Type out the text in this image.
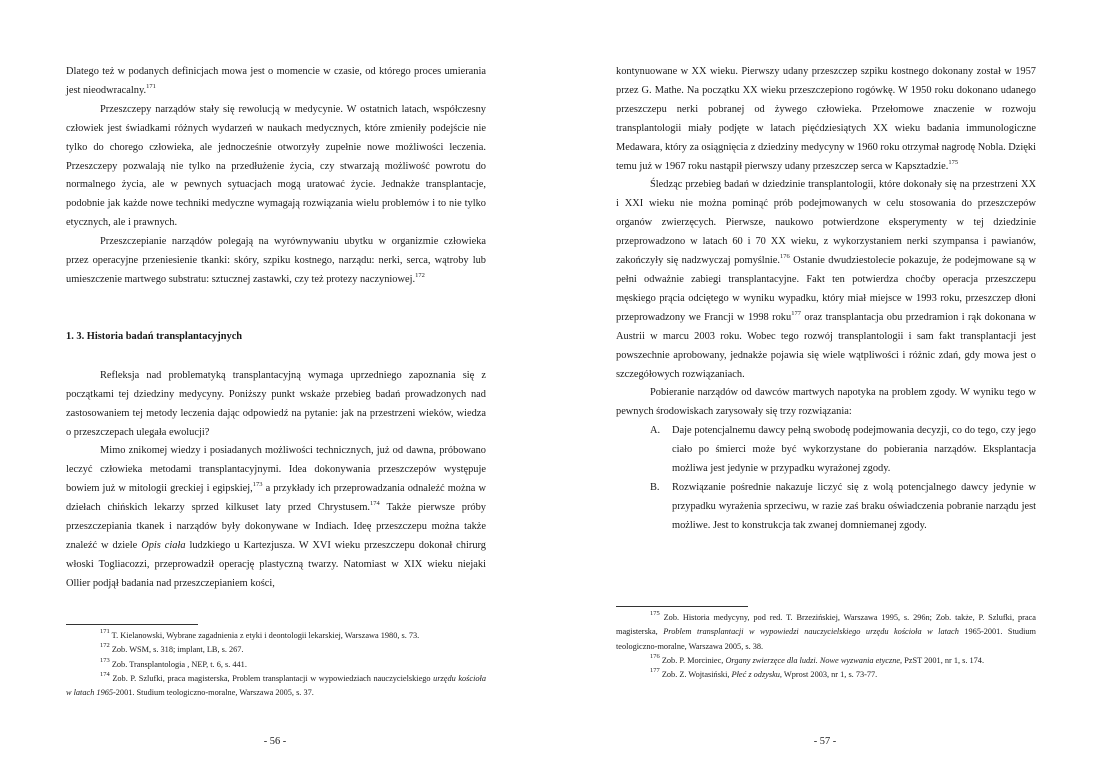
Dlatego też w podanych definicjach mowa jest o momencie w czasie, od którego proces umierania jest nieodwracalny.$^{171}$

Przeszczepy narządów stały się rewolucją w medycynie. W ostatnich latach, współczesny człowiek jest świadkami różnych wydarzeń w naukach medycznych, które zmieniły podejście nie tylko do chorego człowieka, ale jednocześnie otworzyły zupełnie nowe możliwości leczenia. Przeszczepy pozwalają nie tylko na przedłużenie życia, czy stwarzają możliwość powrotu do normalnego życia, ale w pewnych sytuacjach mogą uratować życie. Jednakże transplantacje, podobnie jak każde nowe techniki medyczne wymagają rozwiązania wielu problemów i to nie tylko etycznych, ale i prawnych.

Przeszczepianie narządów polegają na wyrównywaniu ubytku w organizmie człowieka przez operacyjne przeniesienie tkanki: skóry, szpiku kostnego, narządu: nerki, serca, wątroby lub umieszczenie martwego substratu: sztucznej zastawki, czy też protezy naczyniowej.$^{172}$

1. 3. Historia badań transplantacyjnych

Refleksja nad problematyką transplantacyjną wymaga uprzedniego zapoznania się z początkami tej dziedziny medycyny. Poniższy punkt wskaże przebieg badań prowadzonych nad zastosowaniem tej metody leczenia dając odpowiedź na pytanie: jak na przestrzeni wieków, wiedza o przeszczepach ulegała ewolucji?

Mimo znikomej wiedzy i posiadanych możliwości technicznych, już od dawna, próbowano leczyć człowieka metodami transplantacyjnymi. Idea dokonywania przeszczepów występuje bowiem już w mitologii greckiej i egipskiej,$^{173}$ a przykłady ich przeprowadzania odnaleźć można w dziełach chińskich lekarzy sprzed kilkuset laty przed Chrystusem.$^{174}$ Także pierwsze próby przeszczepiania tkanek i narządów były dokonywane w Indiach. Ideę przeszczepu można także znaleźć w dziele Opis ciała ludzkiego u Kartezjusza. W XVI wieku przeszczepu dokonał chirurg włoski Togliacozzi, przeprowadził operację plastyczną twarzy. Natomiast w XIX wieku niejaki Ollier podjął badania nad przeszczepianiem kości,

$^{171}$ T. Kielanowski, Wybrane zagadnienia z etyki i deontologii lekarskiej, Warszawa 1980, s. 73.

$^{172}$ Zob. WSM, s. 318; implant, LB, s. 267.

$^{173}$ Zob. Transplantologia , NEP, t. 6, s. 441.

$^{174}$ Zob. P. Szlufki, praca magisterska, Problem transplantacji w wypowiedziach nauczycielskiego urzędu kościoła w latach 1965-2001. Studium teologiczno-moralne, Warszawa 2005, s. 37.

- 56 -

kontynuowane w XX wieku. Pierwszy udany przeszczep szpiku kostnego dokonany został w 1957 przez G. Mathe. Na początku XX wieku przeszczepiono rogówkę. W 1950 roku dokonano udanego przeszczepu nerki pobranej od żywego człowieka. Przełomowe znaczenie w rozwoju transplantologii miały podjęte w latach pięćdziesiątych XX wieku badania immunologiczne Medawara, który za osiągnięcia z dziedziny medycyny w 1960 roku otrzymał nagrodę Nobla. Dzięki temu już w 1967 roku nastąpił pierwszy udany przeszczep serca w Kapsztadzie.$^{175}$

Śledząc przebieg badań w dziedzinie transplantologii, które dokonały się na przestrzeni XX i XXI wieku nie można pominąć prób podejmowanych w celu stosowania do przeszczepów organów zwierzęcych. Pierwsze, naukowo potwierdzone eksperymenty w tej dziedzinie przeprowadzono w latach 60 i 70 XX wieku, z wykorzystaniem nerki szympansa i pawianów, zakończyły się nadzwyczaj pomyślnie.$^{176}$ Ostanie dwudziestolecie pokazuje, że podejmowane są w pełni odważnie zabiegi transplantacyjne. Fakt ten potwierdza choćby operacja przeszczepu męskiego prącia odciętego w wyniku wypadku, który miał miejsce w 1993 roku, przeszczep dłoni przeprowadzony we Francji w 1998 roku$^{177}$ oraz transplantacja obu przedramion i rąk dokonana w Austrii w marcu 2003 roku. Wobec tego rozwój transplantologii i sam fakt transplantacji jest powszechnie aprobowany, jednakże pojawia się wiele wątpliwości i różnic zdań, gdy mowa jest o szczegółowych rozwiązaniach.

Pobieranie narządów od dawców martwych napotyka na problem zgody. W wyniku tego w pewnych środowiskach zarysowały się trzy rozwiązania:

A.	Daje potencjalnemu dawcy pełną swobodę podejmowania decyzji, co do tego, czy jego ciało po śmierci może być wykorzystane do pobierania narządów. Eksplantacja możliwa jest jedynie w przypadku wyrażonej zgody.
B.	Rozwiązanie pośrednie nakazuje liczyć się z wolą potencjalnego dawcy jedynie w przypadku wyrażenia sprzeciwu, w razie zaś braku oświadczenia pobranie narządu jest możliwe. Jest to konstrukcja tak zwanej domniemanej zgody.

$^{175}$ Zob. Historia medycyny, pod red. T. Brzezińskiej, Warszawa 1995, s. 296n; Zob. także, P. Szlufki, praca magisterska, Problem transplantacji w wypowiedzi nauczycielskiego urzędu kościoła w latach 1965-2001. Studium teologiczno-moralne, Warszawa 2005, s. 38.

$^{176}$ Zob. P. Morciniec, Organy zwierzęce dla ludzi. Nowe wyzwania etyczne, PzST 2001, nr 1, s. 174.

$^{177}$ Zob. Z. Wojtasiński, Płeć z odzysku, Wprost 2003, nr 1, s. 73-77.

- 57 -
